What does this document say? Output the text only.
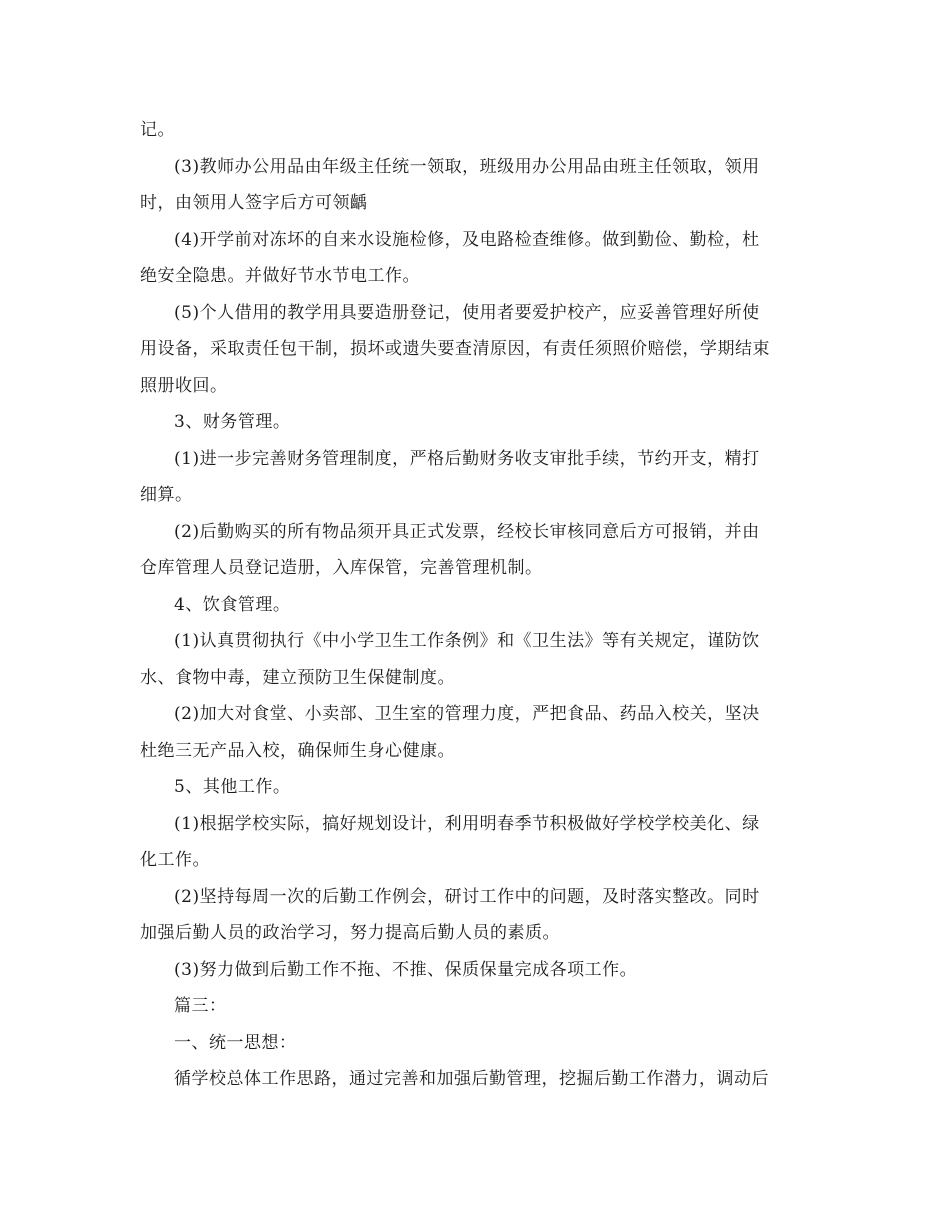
记。
(3)教师办公用品由年级主任统一领取，班级用办公用品由班主任领取，领用
时，由领用人签字后方可领齲
(4)开学前对冻坏的自来水设施检修，及电路检查维修。做到勤俭、勤检，杜
绝安全隐患。并做好节水节电工作。
(5)个人借用的教学用具要造册登记，使用者要爱护校产，应妥善管理好所使
用设备，采取责任包干制，损坏或遗失要查清原因，有责任须照价赔偿，学期结束
照册收回。
3、财务管理。
(1)进一步完善财务管理制度，严格后勤财务收支审批手续，节约开支，精打
细算。
(2)后勤购买的所有物品须开具正式发票，经校长审核同意后方可报销，并由
仓库管理人员登记造册，入库保管，完善管理机制。
4、饮食管理。
(1)认真贯彻执行《中小学卫生工作条例》和《卫生法》等有关规定，谨防饮
水、食物中毒，建立预防卫生保健制度。
(2)加大对食堂、小卖部、卫生室的管理力度，严把食品、药品入校关，坚决
杜绝三无产品入校，确保师生身心健康。
5、其他工作。
(1)根据学校实际，搞好规划设计，利用明春季节积极做好学校学校美化、绿
化工作。
(2)坚持每周一次的后勤工作例会，研讨工作中的问题，及时落实整改。同时
加强后勤人员的政治学习，努力提高后勤人员的素质。
(3)努力做到后勤工作不拖、不推、保质保量完成各项工作。
篇三：
一、统一思想：
循学校总体工作思路，通过完善和加强后勤管理，挖掘后勤工作潜力，调动后
